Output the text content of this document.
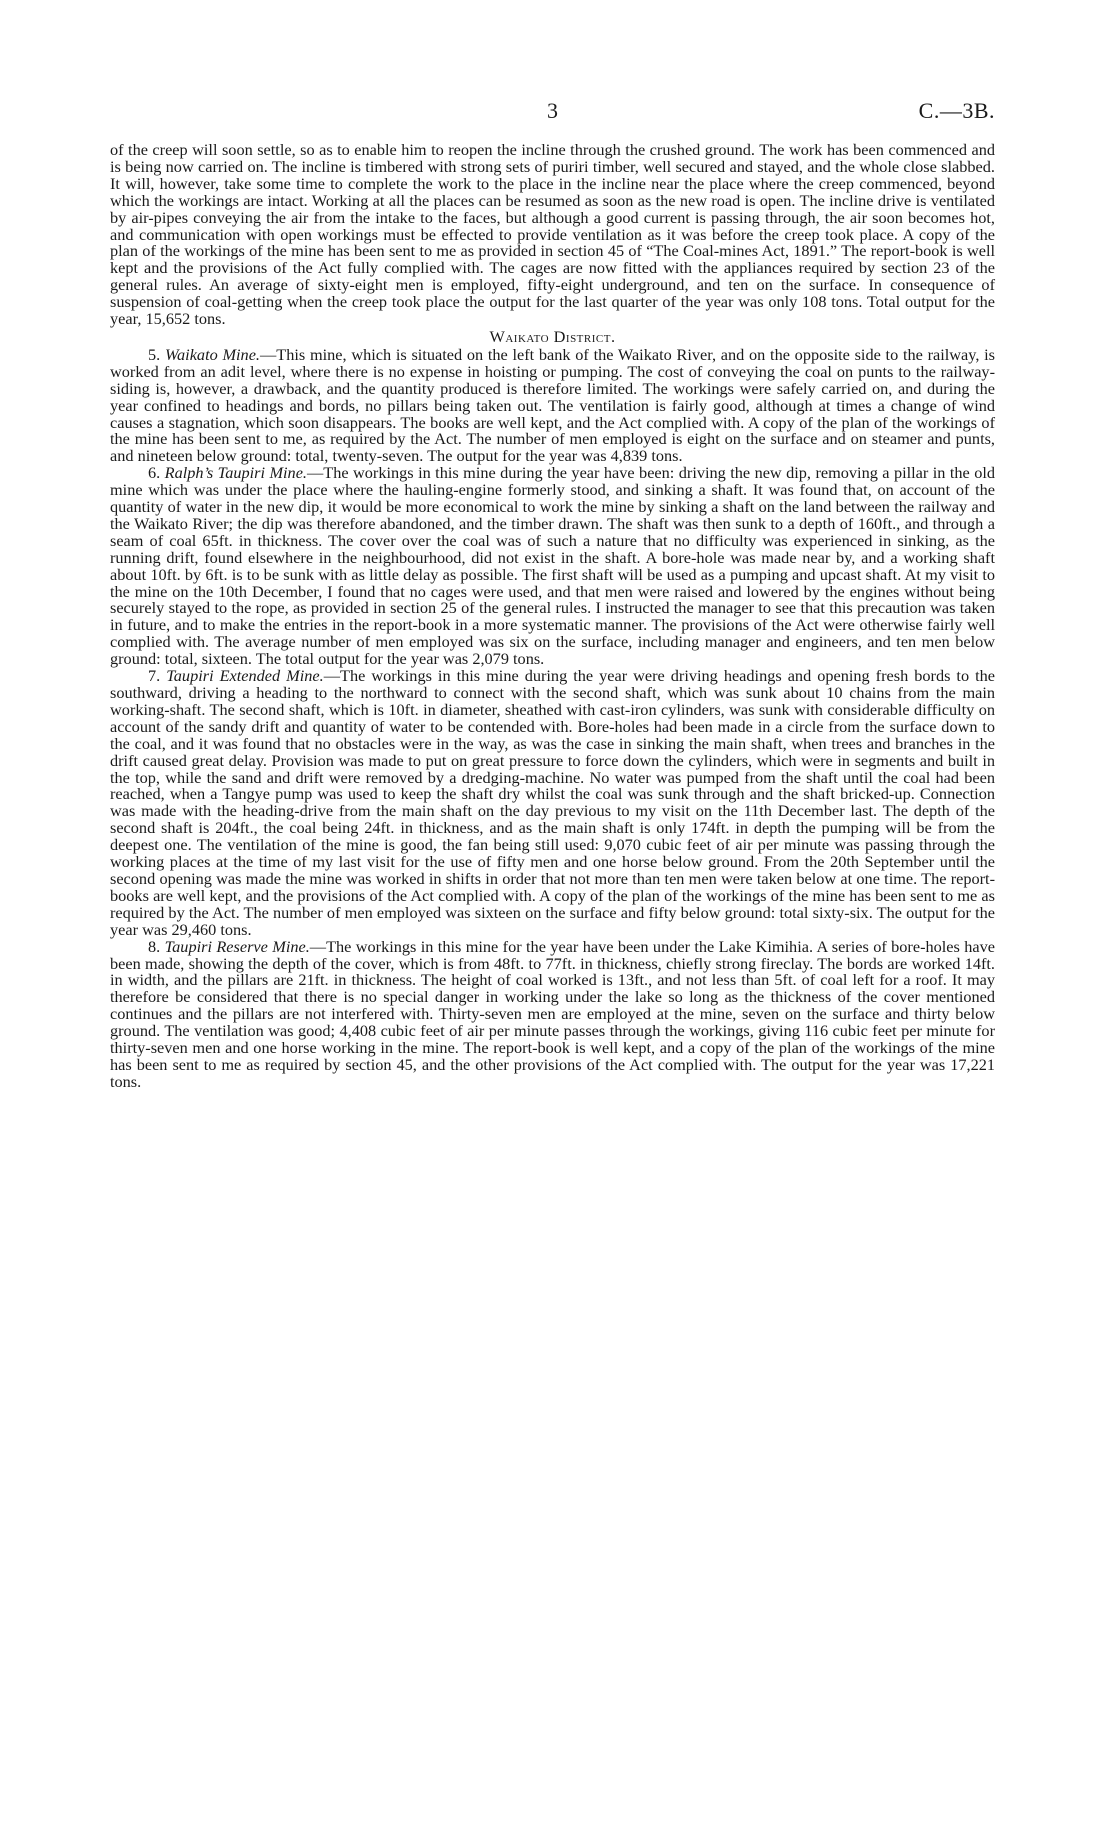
3	C.—3B.

of the creep will soon settle, so as to enable him to reopen the incline through the crushed ground. The work has been commenced and is being now carried on. The incline is timbered with strong sets of puriri timber, well secured and stayed, and the whole close slabbed. It will, however, take some time to complete the work to the place in the incline near the place where the creep commenced, beyond which the workings are intact. Working at all the places can be resumed as soon as the new road is open. The incline drive is ventilated by air-pipes conveying the air from the intake to the faces, but although a good current is passing through, the air soon becomes hot, and communication with open workings must be effected to provide ventilation as it was before the creep took place. A copy of the plan of the workings of the mine has been sent to me as provided in section 45 of “The Coal-mines Act, 1891.” The report-book is well kept and the provisions of the Act fully complied with. The cages are now fitted with the appliances required by section 23 of the general rules. An average of sixty-eight men is employed, fifty-eight underground, and ten on the surface. In consequence of suspension of coal-getting when the creep took place the output for the last quarter of the year was only 108 tons. Total output for the year, 15,652 tons.

Waikato District.

5. Waikato Mine.—This mine, which is situated on the left bank of the Waikato River, and on the opposite side to the railway, is worked from an adit level, where there is no expense in hoisting or pumping. The cost of conveying the coal on punts to the railway-siding is, however, a drawback, and the quantity produced is therefore limited. The workings were safely carried on, and during the year confined to headings and bords, no pillars being taken out. The ventilation is fairly good, although at times a change of wind causes a stagnation, which soon disappears. The books are well kept, and the Act complied with. A copy of the plan of the workings of the mine has been sent to me, as required by the Act. The number of men employed is eight on the surface and on steamer and punts, and nineteen below ground: total, twenty-seven. The output for the year was 4,839 tons.

6. Ralph’s Taupiri Mine.—The workings in this mine during the year have been: driving the new dip, removing a pillar in the old mine which was under the place where the hauling-engine formerly stood, and sinking a shaft. It was found that, on account of the quantity of water in the new dip, it would be more economical to work the mine by sinking a shaft on the land between the railway and the Waikato River; the dip was therefore abandoned, and the timber drawn. The shaft was then sunk to a depth of 160ft., and through a seam of coal 65ft. in thickness. The cover over the coal was of such a nature that no difficulty was experienced in sinking, as the running drift, found elsewhere in the neighbourhood, did not exist in the shaft. A bore-hole was made near by, and a working shaft about 10ft. by 6ft. is to be sunk with as little delay as possible. The first shaft will be used as a pumping and upcast shaft. At my visit to the mine on the 10th December, I found that no cages were used, and that men were raised and lowered by the engines without being securely stayed to the rope, as provided in section 25 of the general rules. I instructed the manager to see that this precaution was taken in future, and to make the entries in the report-book in a more systematic manner. The provisions of the Act were otherwise fairly well complied with. The average number of men employed was six on the surface, including manager and engineers, and ten men below ground: total, sixteen. The total output for the year was 2,079 tons.

7. Taupiri Extended Mine.—The workings in this mine during the year were driving headings and opening fresh bords to the southward, driving a heading to the northward to connect with the second shaft, which was sunk about 10 chains from the main working-shaft. The second shaft, which is 10ft. in diameter, sheathed with cast-iron cylinders, was sunk with considerable difficulty on account of the sandy drift and quantity of water to be contended with. Bore-holes had been made in a circle from the surface down to the coal, and it was found that no obstacles were in the way, as was the case in sinking the main shaft, when trees and branches in the drift caused great delay. Provision was made to put on great pressure to force down the cylinders, which were in segments and built in the top, while the sand and drift were removed by a dredging-machine. No water was pumped from the shaft until the coal had been reached, when a Tangye pump was used to keep the shaft dry whilst the coal was sunk through and the shaft bricked-up. Connection was made with the heading-drive from the main shaft on the day previous to my visit on the 11th December last. The depth of the second shaft is 204ft., the coal being 24ft. in thickness, and as the main shaft is only 174ft. in depth the pumping will be from the deepest one. The ventilation of the mine is good, the fan being still used: 9,070 cubic feet of air per minute was passing through the working places at the time of my last visit for the use of fifty men and one horse below ground. From the 20th September until the second opening was made the mine was worked in shifts in order that not more than ten men were taken below at one time. The report-books are well kept, and the provisions of the Act complied with. A copy of the plan of the workings of the mine has been sent to me as required by the Act. The number of men employed was sixteen on the surface and fifty below ground: total sixty-six. The output for the year was 29,460 tons.

8. Taupiri Reserve Mine.—The workings in this mine for the year have been under the Lake Kimihia. A series of bore-holes have been made, showing the depth of the cover, which is from 48ft. to 77ft. in thickness, chiefly strong fireclay. The bords are worked 14ft. in width, and the pillars are 21ft. in thickness. The height of coal worked is 13ft., and not less than 5ft. of coal left for a roof. It may therefore be considered that there is no special danger in working under the lake so long as the thickness of the cover mentioned continues and the pillars are not interfered with. Thirty-seven men are employed at the mine, seven on the surface and thirty below ground. The ventilation was good; 4,408 cubic feet of air per minute passes through the workings, giving 116 cubic feet per minute for thirty-seven men and one horse working in the mine. The report-book is well kept, and a copy of the plan of the workings of the mine has been sent to me as required by section 45, and the other provisions of the Act complied with. The output for the year was 17,221 tons.
